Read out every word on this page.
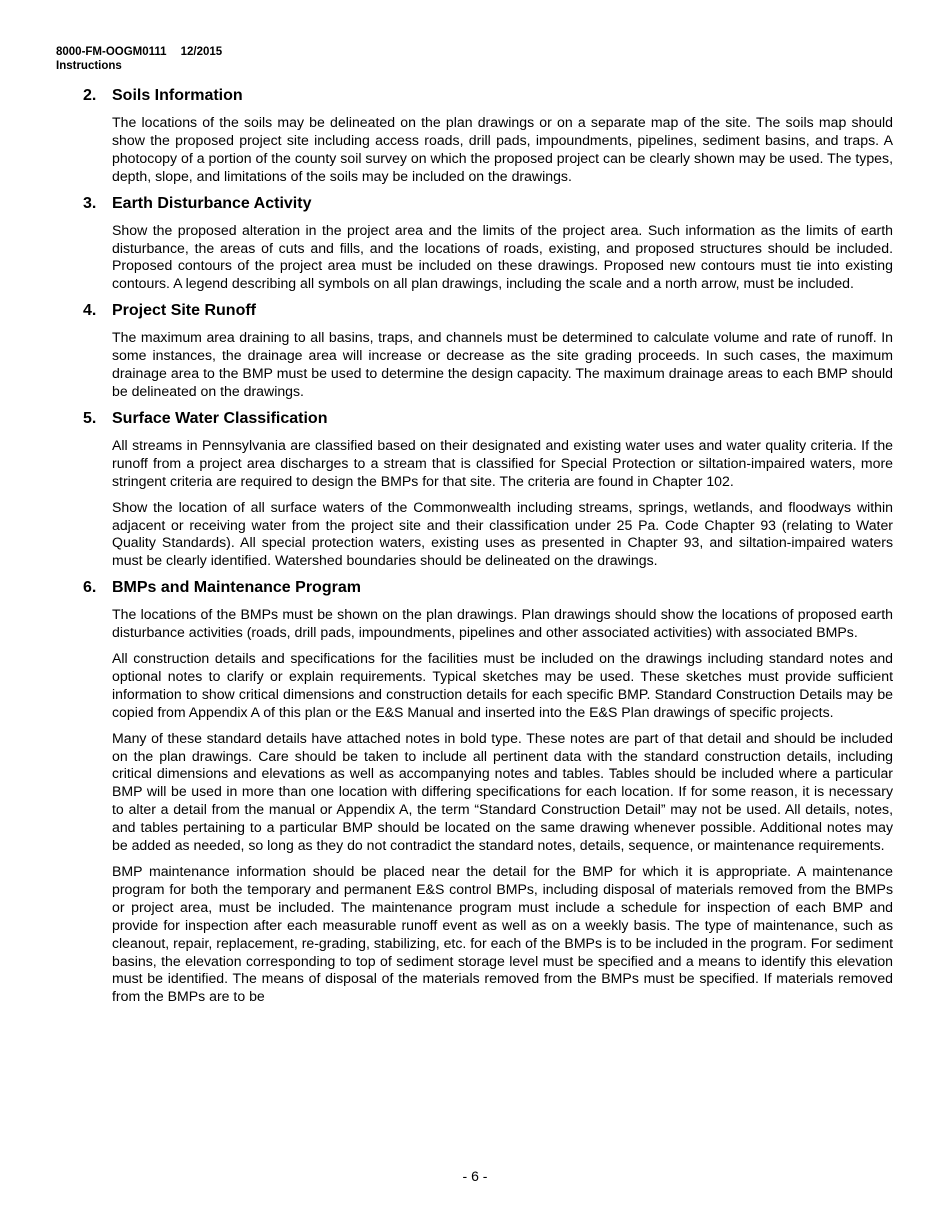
8000-FM-OOGM0111 12/2015
Instructions
2. Soils Information

The locations of the soils may be delineated on the plan drawings or on a separate map of the site. The soils map should show the proposed project site including access roads, drill pads, impoundments, pipelines, sediment basins, and traps. A photocopy of a portion of the county soil survey on which the proposed project can be clearly shown may be used. The types, depth, slope, and limitations of the soils may be included on the drawings.

3. Earth Disturbance Activity

Show the proposed alteration in the project area and the limits of the project area. Such information as the limits of earth disturbance, the areas of cuts and fills, and the locations of roads, existing, and proposed structures should be included. Proposed contours of the project area must be included on these drawings. Proposed new contours must tie into existing contours. A legend describing all symbols on all plan drawings, including the scale and a north arrow, must be included.

4. Project Site Runoff

The maximum area draining to all basins, traps, and channels must be determined to calculate volume and rate of runoff. In some instances, the drainage area will increase or decrease as the site grading proceeds. In such cases, the maximum drainage area to the BMP must be used to determine the design capacity. The maximum drainage areas to each BMP should be delineated on the drawings.

5. Surface Water Classification

All streams in Pennsylvania are classified based on their designated and existing water uses and water quality criteria. If the runoff from a project area discharges to a stream that is classified for Special Protection or siltation-impaired waters, more stringent criteria are required to design the BMPs for that site. The criteria are found in Chapter 102.

Show the location of all surface waters of the Commonwealth including streams, springs, wetlands, and floodways within adjacent or receiving water from the project site and their classification under 25 Pa. Code Chapter 93 (relating to Water Quality Standards). All special protection waters, existing uses as presented in Chapter 93, and siltation-impaired waters must be clearly identified. Watershed boundaries should be delineated on the drawings.

6. BMPs and Maintenance Program

The locations of the BMPs must be shown on the plan drawings. Plan drawings should show the locations of proposed earth disturbance activities (roads, drill pads, impoundments, pipelines and other associated activities) with associated BMPs.

All construction details and specifications for the facilities must be included on the drawings including standard notes and optional notes to clarify or explain requirements. Typical sketches may be used. These sketches must provide sufficient information to show critical dimensions and construction details for each specific BMP. Standard Construction Details may be copied from Appendix A of this plan or the E&S Manual and inserted into the E&S Plan drawings of specific projects.

Many of these standard details have attached notes in bold type. These notes are part of that detail and should be included on the plan drawings. Care should be taken to include all pertinent data with the standard construction details, including critical dimensions and elevations as well as accompanying notes and tables. Tables should be included where a particular BMP will be used in more than one location with differing specifications for each location. If for some reason, it is necessary to alter a detail from the manual or Appendix A, the term “Standard Construction Detail” may not be used. All details, notes, and tables pertaining to a particular BMP should be located on the same drawing whenever possible. Additional notes may be added as needed, so long as they do not contradict the standard notes, details, sequence, or maintenance requirements.

BMP maintenance information should be placed near the detail for the BMP for which it is appropriate. A maintenance program for both the temporary and permanent E&S control BMPs, including disposal of materials removed from the BMPs or project area, must be included. The maintenance program must include a schedule for inspection of each BMP and provide for inspection after each measurable runoff event as well as on a weekly basis. The type of maintenance, such as cleanout, repair, replacement, re-grading, stabilizing, etc. for each of the BMPs is to be included in the program. For sediment basins, the elevation corresponding to top of sediment storage level must be specified and a means to identify this elevation must be identified. The means of disposal of the materials removed from the BMPs must be specified. If materials removed from the BMPs are to be

- 6 -
